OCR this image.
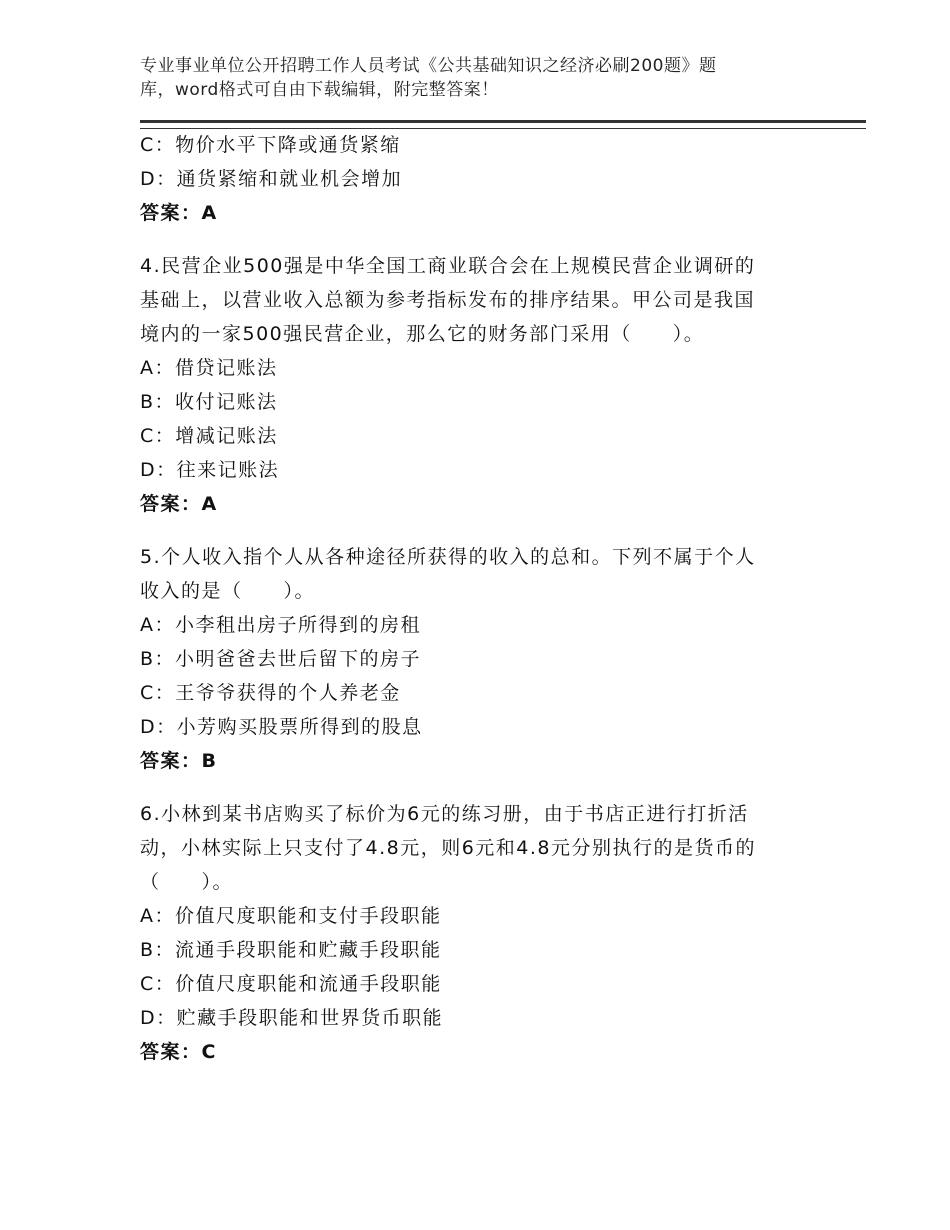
专业事业单位公开招聘工作人员考试《公共基础知识之经济必刷200题》题
库，word格式可自由下载编辑，附完整答案！
C：物价水平下降或通货紧缩
D：通货紧缩和就业机会增加
答案：A
4.民营企业500强是中华全国工商业联合会在上规模民营企业调研的
基础上，以营业收入总额为参考指标发布的排序结果。甲公司是我国
境内的一家500强民营企业，那么它的财务部门采用（　　）。
A：借贷记账法
B：收付记账法
C：增减记账法
D：往来记账法
答案：A
5.个人收入指个人从各种途径所获得的收入的总和。下列不属于个人
收入的是（　　）。
A：小李租出房子所得到的房租
B：小明爸爸去世后留下的房子
C：王爷爷获得的个人养老金
D：小芳购买股票所得到的股息
答案：B
6.小林到某书店购买了标价为6元的练习册，由于书店正进行打折活
动，小林实际上只支付了4.8元，则6元和4.8元分别执行的是货币的
（　　）。
A：价值尺度职能和支付手段职能
B：流通手段职能和贮藏手段职能
C：价值尺度职能和流通手段职能
D：贮藏手段职能和世界货币职能
答案：C
